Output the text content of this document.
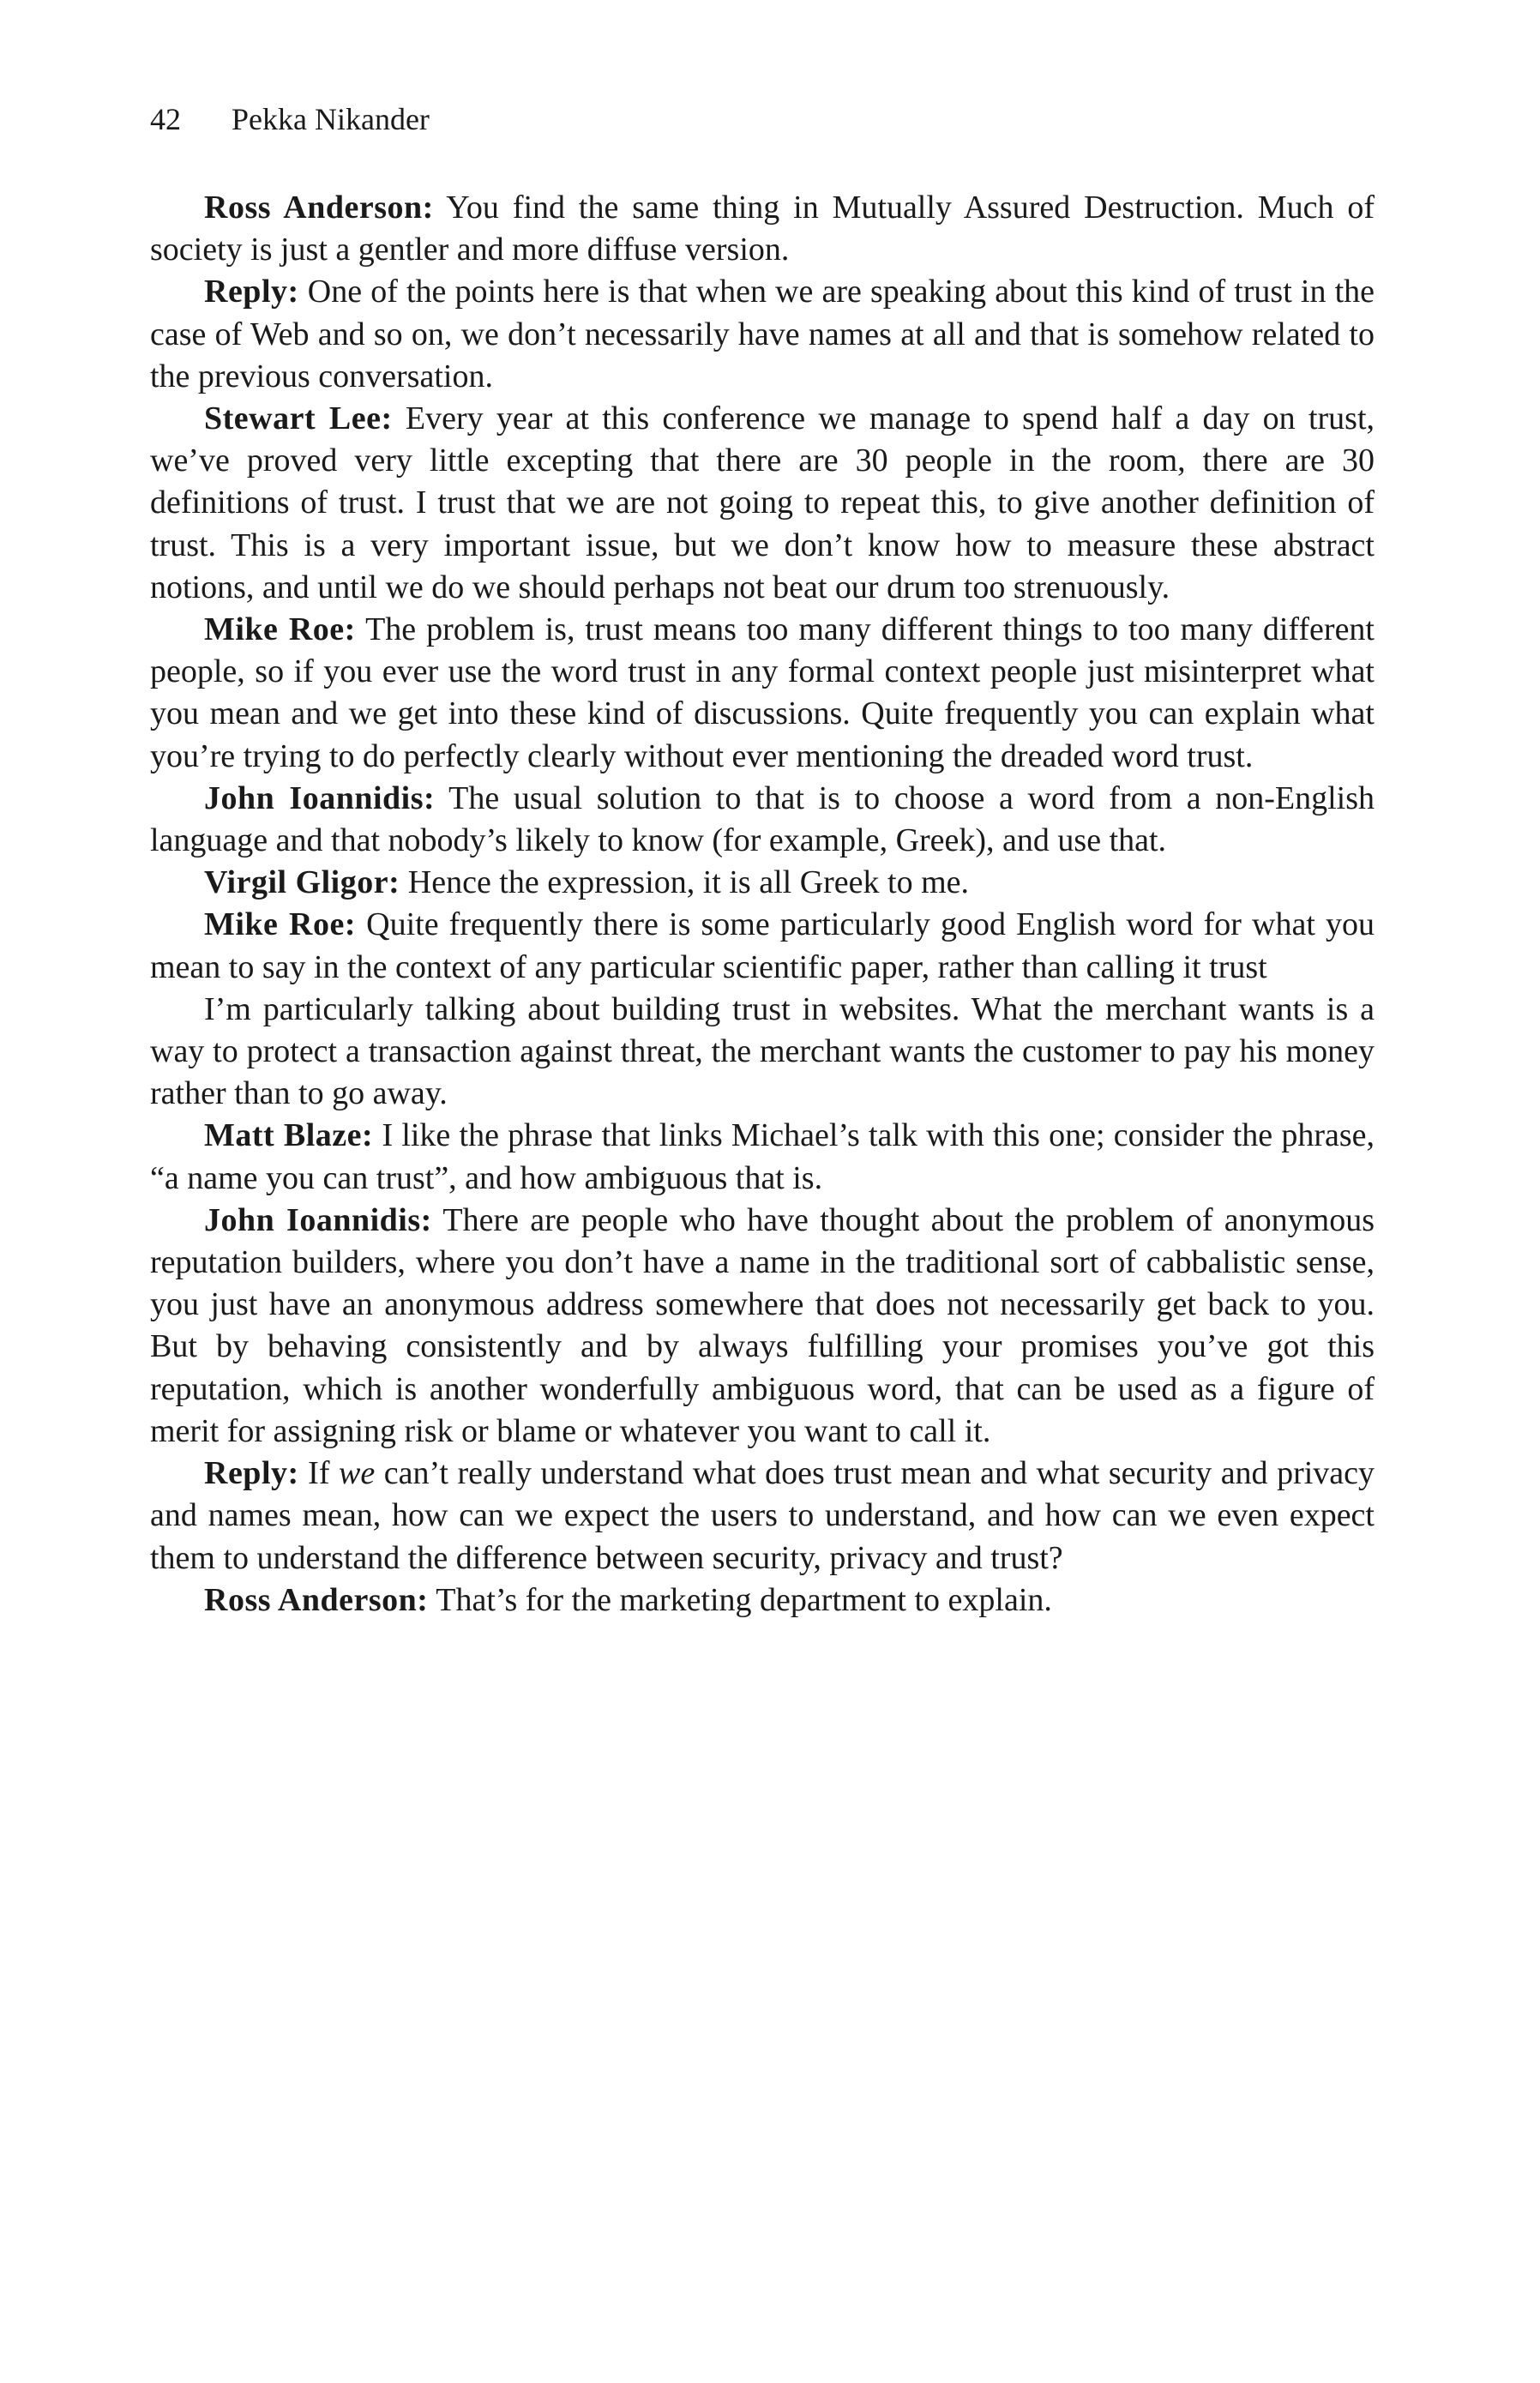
42 Pekka Nikander

Ross Anderson: You find the same thing in Mutually Assured Destruction. Much of society is just a gentler and more diffuse version.

Reply: One of the points here is that when we are speaking about this kind of trust in the case of Web and so on, we don’t necessarily have names at all and that is somehow related to the previous conversation.

Stewart Lee: Every year at this conference we manage to spend half a day on trust, we’ve proved very little excepting that there are 30 people in the room, there are 30 definitions of trust. I trust that we are not going to repeat this, to give another definition of trust. This is a very important issue, but we don’t know how to measure these abstract notions, and until we do we should perhaps not beat our drum too strenuously.

Mike Roe: The problem is, trust means too many different things to too many different people, so if you ever use the word trust in any formal context people just misinterpret what you mean and we get into these kind of discussions. Quite frequently you can explain what you’re trying to do perfectly clearly without ever mentioning the dreaded word trust.

John Ioannidis: The usual solution to that is to choose a word from a non-English language and that nobody’s likely to know (for example, Greek), and use that.

Virgil Gligor: Hence the expression, it is all Greek to me.

Mike Roe: Quite frequently there is some particularly good English word for what you mean to say in the context of any particular scientific paper, rather than calling it trust

I’m particularly talking about building trust in websites. What the merchant wants is a way to protect a transaction against threat, the merchant wants the customer to pay his money rather than to go away.

Matt Blaze: I like the phrase that links Michael’s talk with this one; consider the phrase, “a name you can trust”, and how ambiguous that is.

John Ioannidis: There are people who have thought about the problem of anonymous reputation builders, where you don’t have a name in the traditional sort of cabbalistic sense, you just have an anonymous address somewhere that does not necessarily get back to you. But by behaving consistently and by always fulfilling your promises you’ve got this reputation, which is another wonderfully ambiguous word, that can be used as a figure of merit for assigning risk or blame or whatever you want to call it.

Reply: If we can’t really understand what does trust mean and what security and privacy and names mean, how can we expect the users to understand, and how can we even expect them to understand the difference between security, privacy and trust?

Ross Anderson: That’s for the marketing department to explain.
